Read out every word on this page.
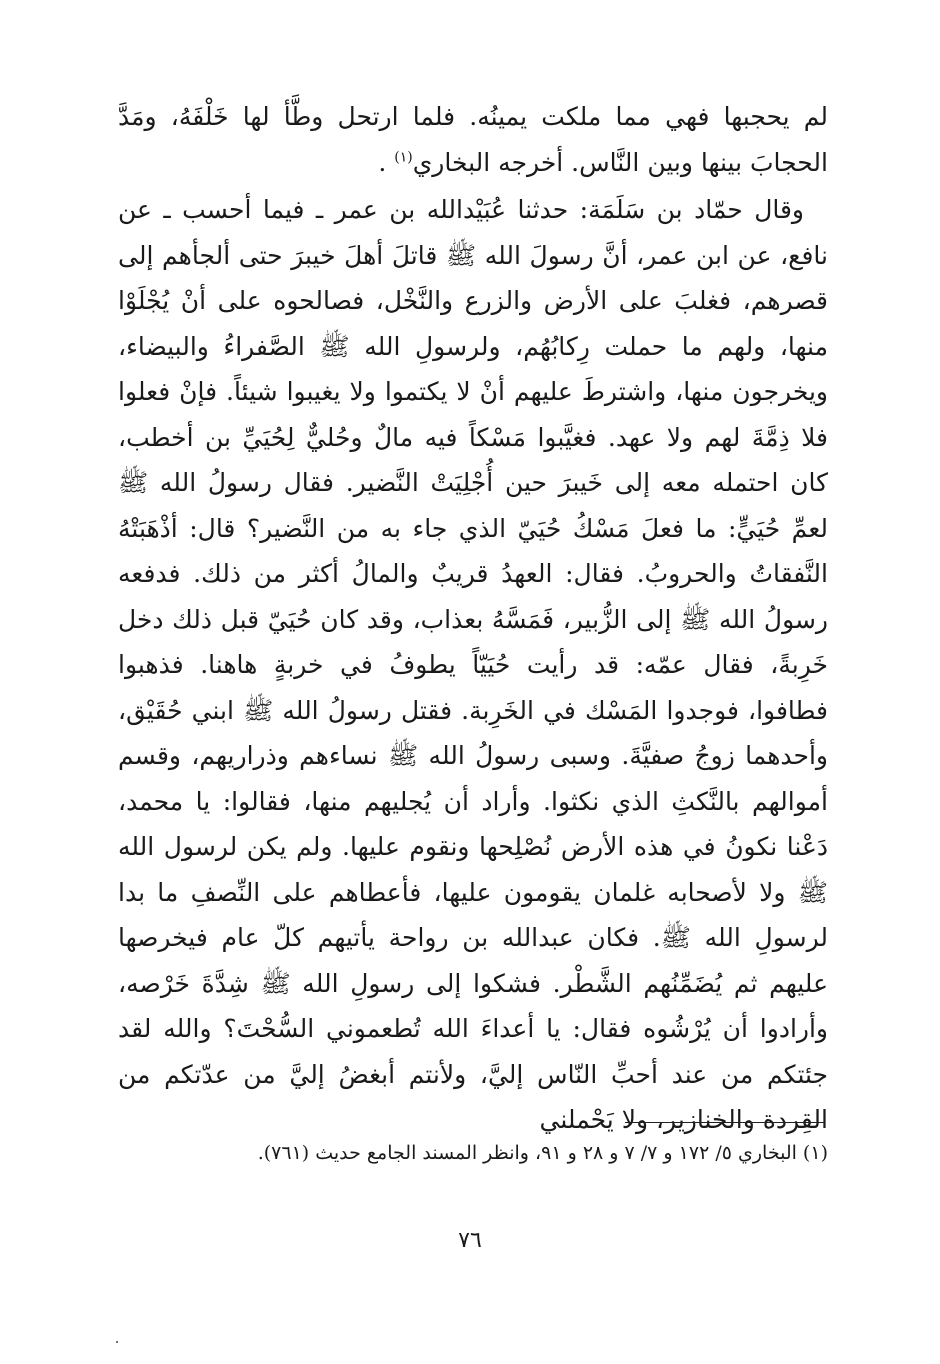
لم يحجبها فهي مما ملكت يمينُه. فلما ارتحل وطَّأ لها خَلْفَهُ، ومَدَّ الحجابَ بينها وبين النَّاس. أخرجه البخاري$^{(١)}$ .

وقال حمّاد بن سَلَمَة: حدثنا عُبَيْدالله بن عمر ـ فيما أحسب ـ عن نافع، عن ابن عمر، أنَّ رسولَ الله ﷺ قاتلَ أهلَ خيبرَ حتى ألجأهم إلى قصرهم، فغلبَ على الأرض والزرع والنَّخْل، فصالحوه على أنْ يُجْلَوْا منها، ولهم ما حملت رِكابُهُم، ولرسولِ الله ﷺ الصَّفراءُ والبيضاء، ويخرجون منها، واشترطَ عليهم أنْ لا يكتموا ولا يغيبوا شيئاً. فإنْ فعلوا فلا ذِمَّةَ لهم ولا عهد. فغيَّبوا مَسْكاً فيه مالٌ وحُليٌّ لِحُيَيِّ بن أخطب، كان احتمله معه إلى خَيبرَ حين أُجْلِيَتْ النَّضير. فقال رسولُ الله ﷺ لعمِّ حُيَيٍّ: ما فعلَ مَسْكُ حُيَيّ الذي جاء به من النَّضير؟ قال: أذْهَبَتْهُ النَّفقاتُ والحروبُ. فقال: العهدُ قريبٌ والمالُ أكثر من ذلك. فدفعه رسولُ الله ﷺ إلى الزُّبير، فَمَسَّهُ بعذاب، وقد كان حُيَيّ قبل ذلك دخل خَرِبةً، فقال عمّه: قد رأيت حُيَيّاً يطوفُ في خربةٍ هاهنا. فذهبوا فطافوا، فوجدوا المَسْك في الخَرِبة. فقتل رسولُ الله ﷺ ابني حُقَيْق، وأحدهما زوجُ صفيَّةَ. وسبى رسولُ الله ﷺ نساءهم وذراريهم، وقسم أموالهم بالنَّكثِ الذي نكثوا. وأراد أن يُجليهم منها، فقالوا: يا محمد، دَعْنا نكونُ في هذه الأرض نُصْلِحها ونقوم عليها. ولم يكن لرسول الله ﷺ ولا لأصحابه غلمان يقومون عليها، فأعطاهم على النِّصفِ ما بدا لرسولِ الله ﷺ. فكان عبدالله بن رواحة يأتيهم كلّ عام فيخرصها عليهم ثم يُضَمِّنُهم الشَّطْر. فشكوا إلى رسولِ الله ﷺ شِدَّةَ خَرْصه، وأرادوا أن يُرْشُوه فقال: يا أعداءَ الله تُطعموني السُّحْتَ؟ والله لقد جئتكم من عند أحبِّ النّاس إليَّ، ولأنتم أبغضُ إليَّ من عدّتكم من القِردة والخنازير، ولا يَحْملني

(١) البخاري ٥/ ١٧٢ و ٧/ ٧ و ٢٨ و ٩١، وانظر المسند الجامع حديث (٧٦١).
٧٦
